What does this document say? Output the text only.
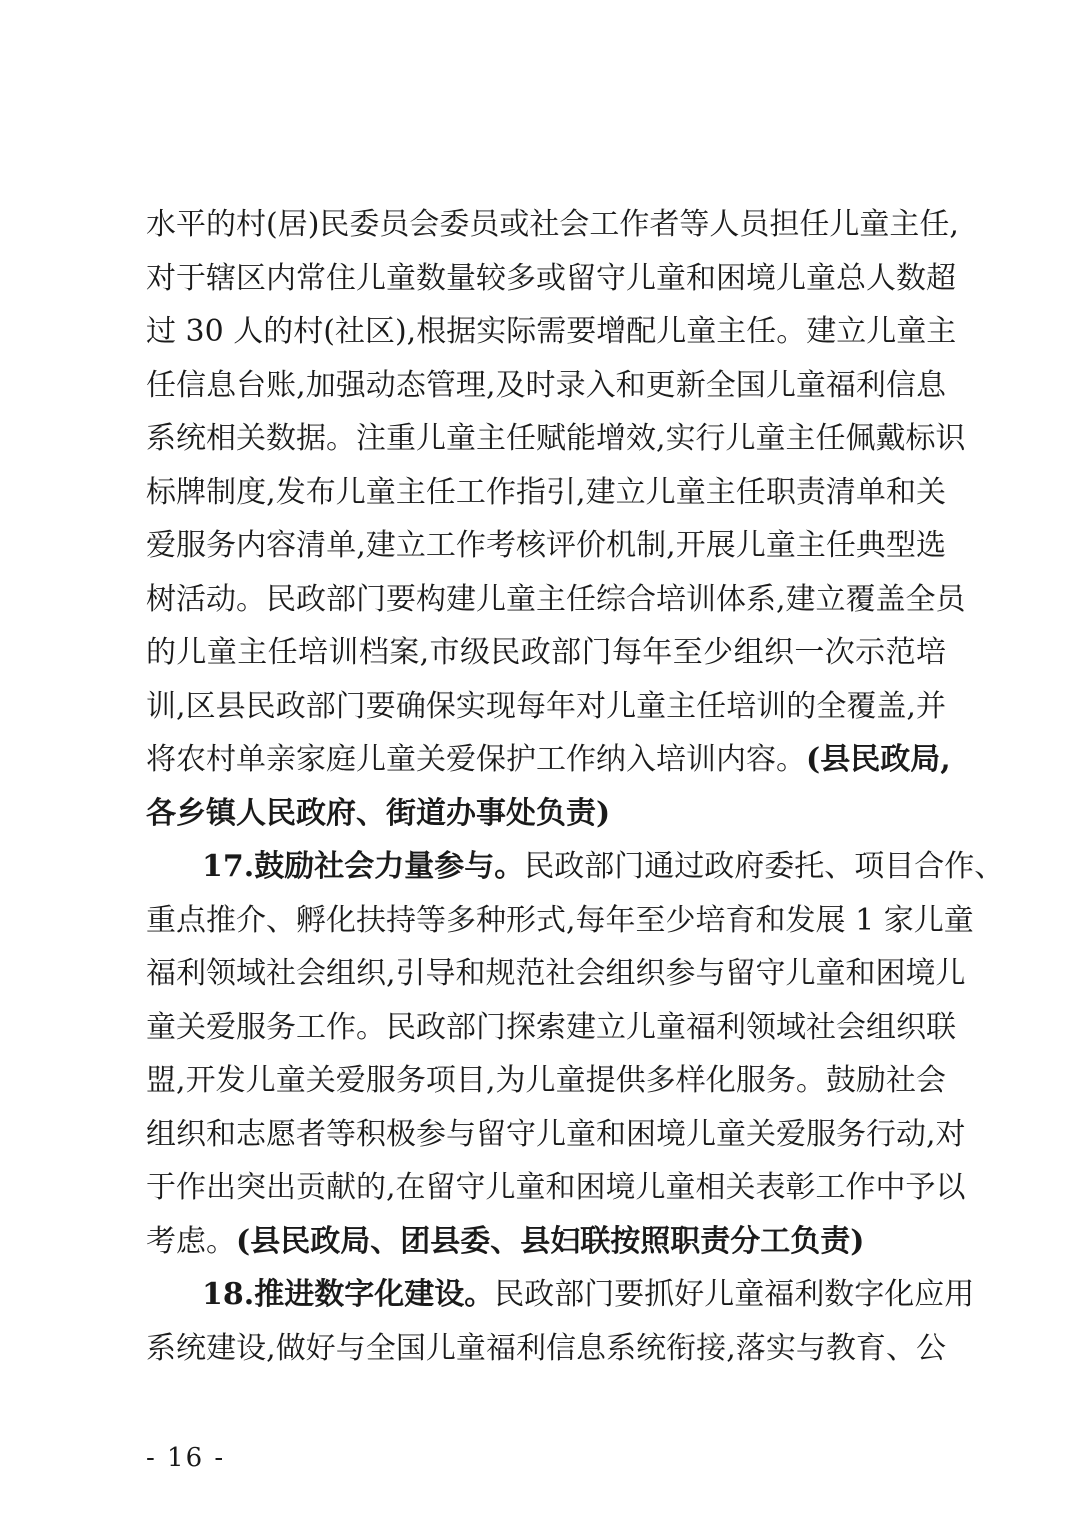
水平的村(居)民委员会委员或社会工作者等人员担任儿童主任,
对于辖区内常住儿童数量较多或留守儿童和困境儿童总人数超
过 30 人的村(社区),根据实际需要增配儿童主任。建立儿童主
任信息台账,加强动态管理,及时录入和更新全国儿童福利信息
系统相关数据。注重儿童主任赋能增效,实行儿童主任佩戴标识
标牌制度,发布儿童主任工作指引,建立儿童主任职责清单和关
爱服务内容清单,建立工作考核评价机制,开展儿童主任典型选
树活动。民政部门要构建儿童主任综合培训体系,建立覆盖全员
的儿童主任培训档案,市级民政部门每年至少组织一次示范培
训,区县民政部门要确保实现每年对儿童主任培训的全覆盖,并
将农村单亲家庭儿童关爱保护工作纳入培训内容。(县民政局,
各乡镇人民政府、街道办事处负责)
17.鼓励社会力量参与。民政部门通过政府委托、项目合作、
重点推介、孵化扶持等多种形式,每年至少培育和发展 1 家儿童
福利领域社会组织,引导和规范社会组织参与留守儿童和困境儿
童关爱服务工作。民政部门探索建立儿童福利领域社会组织联
盟,开发儿童关爱服务项目,为儿童提供多样化服务。鼓励社会
组织和志愿者等积极参与留守儿童和困境儿童关爱服务行动,对
于作出突出贡献的,在留守儿童和困境儿童相关表彰工作中予以
考虑。(县民政局、团县委、县妇联按照职责分工负责)
18.推进数字化建设。民政部门要抓好儿童福利数字化应用
系统建设,做好与全国儿童福利信息系统衔接,落实与教育、公
- 16 -
